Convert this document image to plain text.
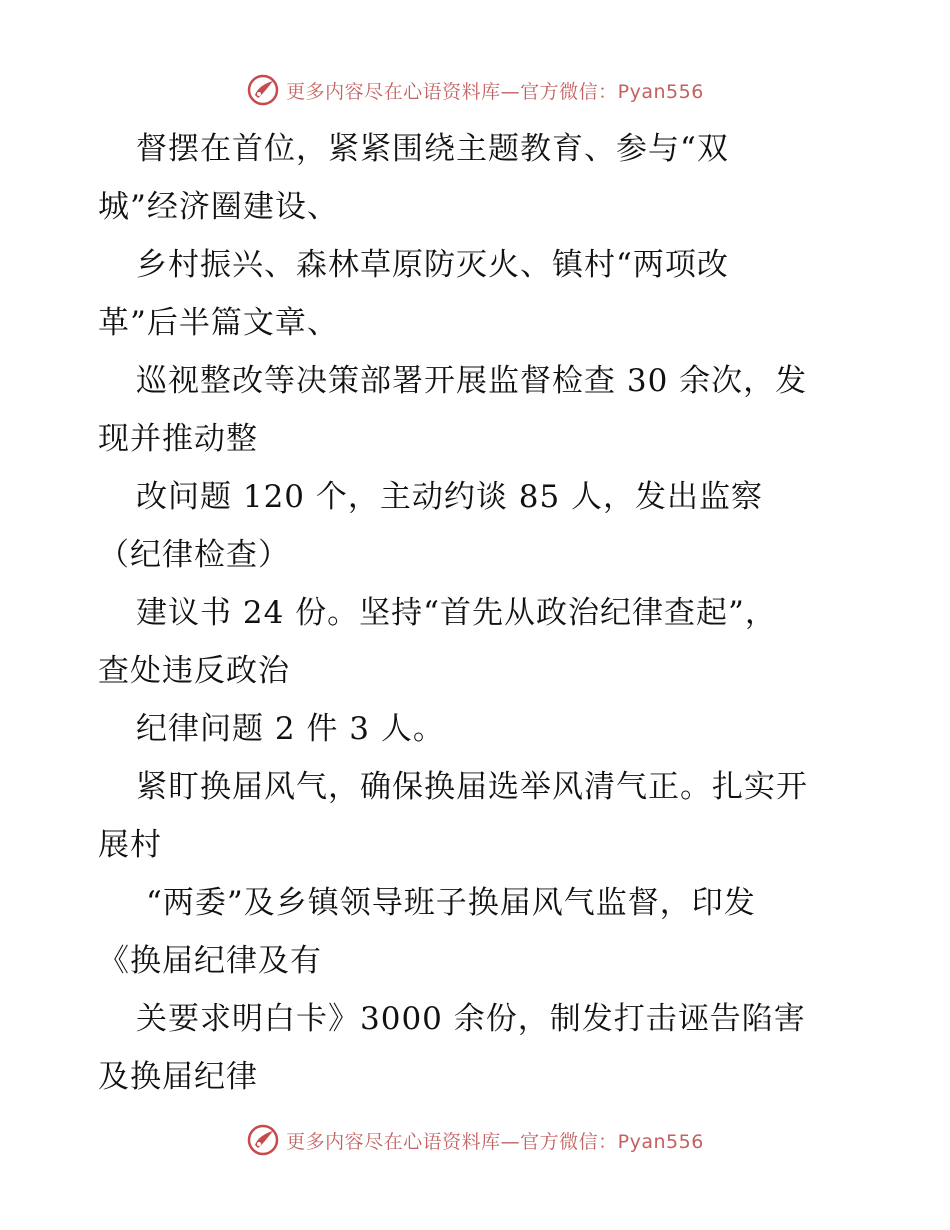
更多内容尽在心语资料库—官方微信：Pyan556
督摆在首位，紧紧围绕主题教育、参与“双
城”经济圈建设、
乡村振兴、森林草原防灭火、镇村“两项改
革”后半篇文章、
巡视整改等决策部署开展监督检查 30 余次，发
现并推动整
改问题 120 个，主动约谈 85 人，发出监察
（纪律检查）
建议书 24 份。坚持“首先从政治纪律查起”，
查处违反政治
纪律问题 2 件 3 人。
紧盯换届风气，确保换届选举风清气正。扎实开
展村
“两委”及乡镇领导班子换届风气监督，印发
《换届纪律及有
关要求明白卡》3000 余份，制发打击诬告陷害
及换届纪律
更多内容尽在心语资料库—官方微信：Pyan556
